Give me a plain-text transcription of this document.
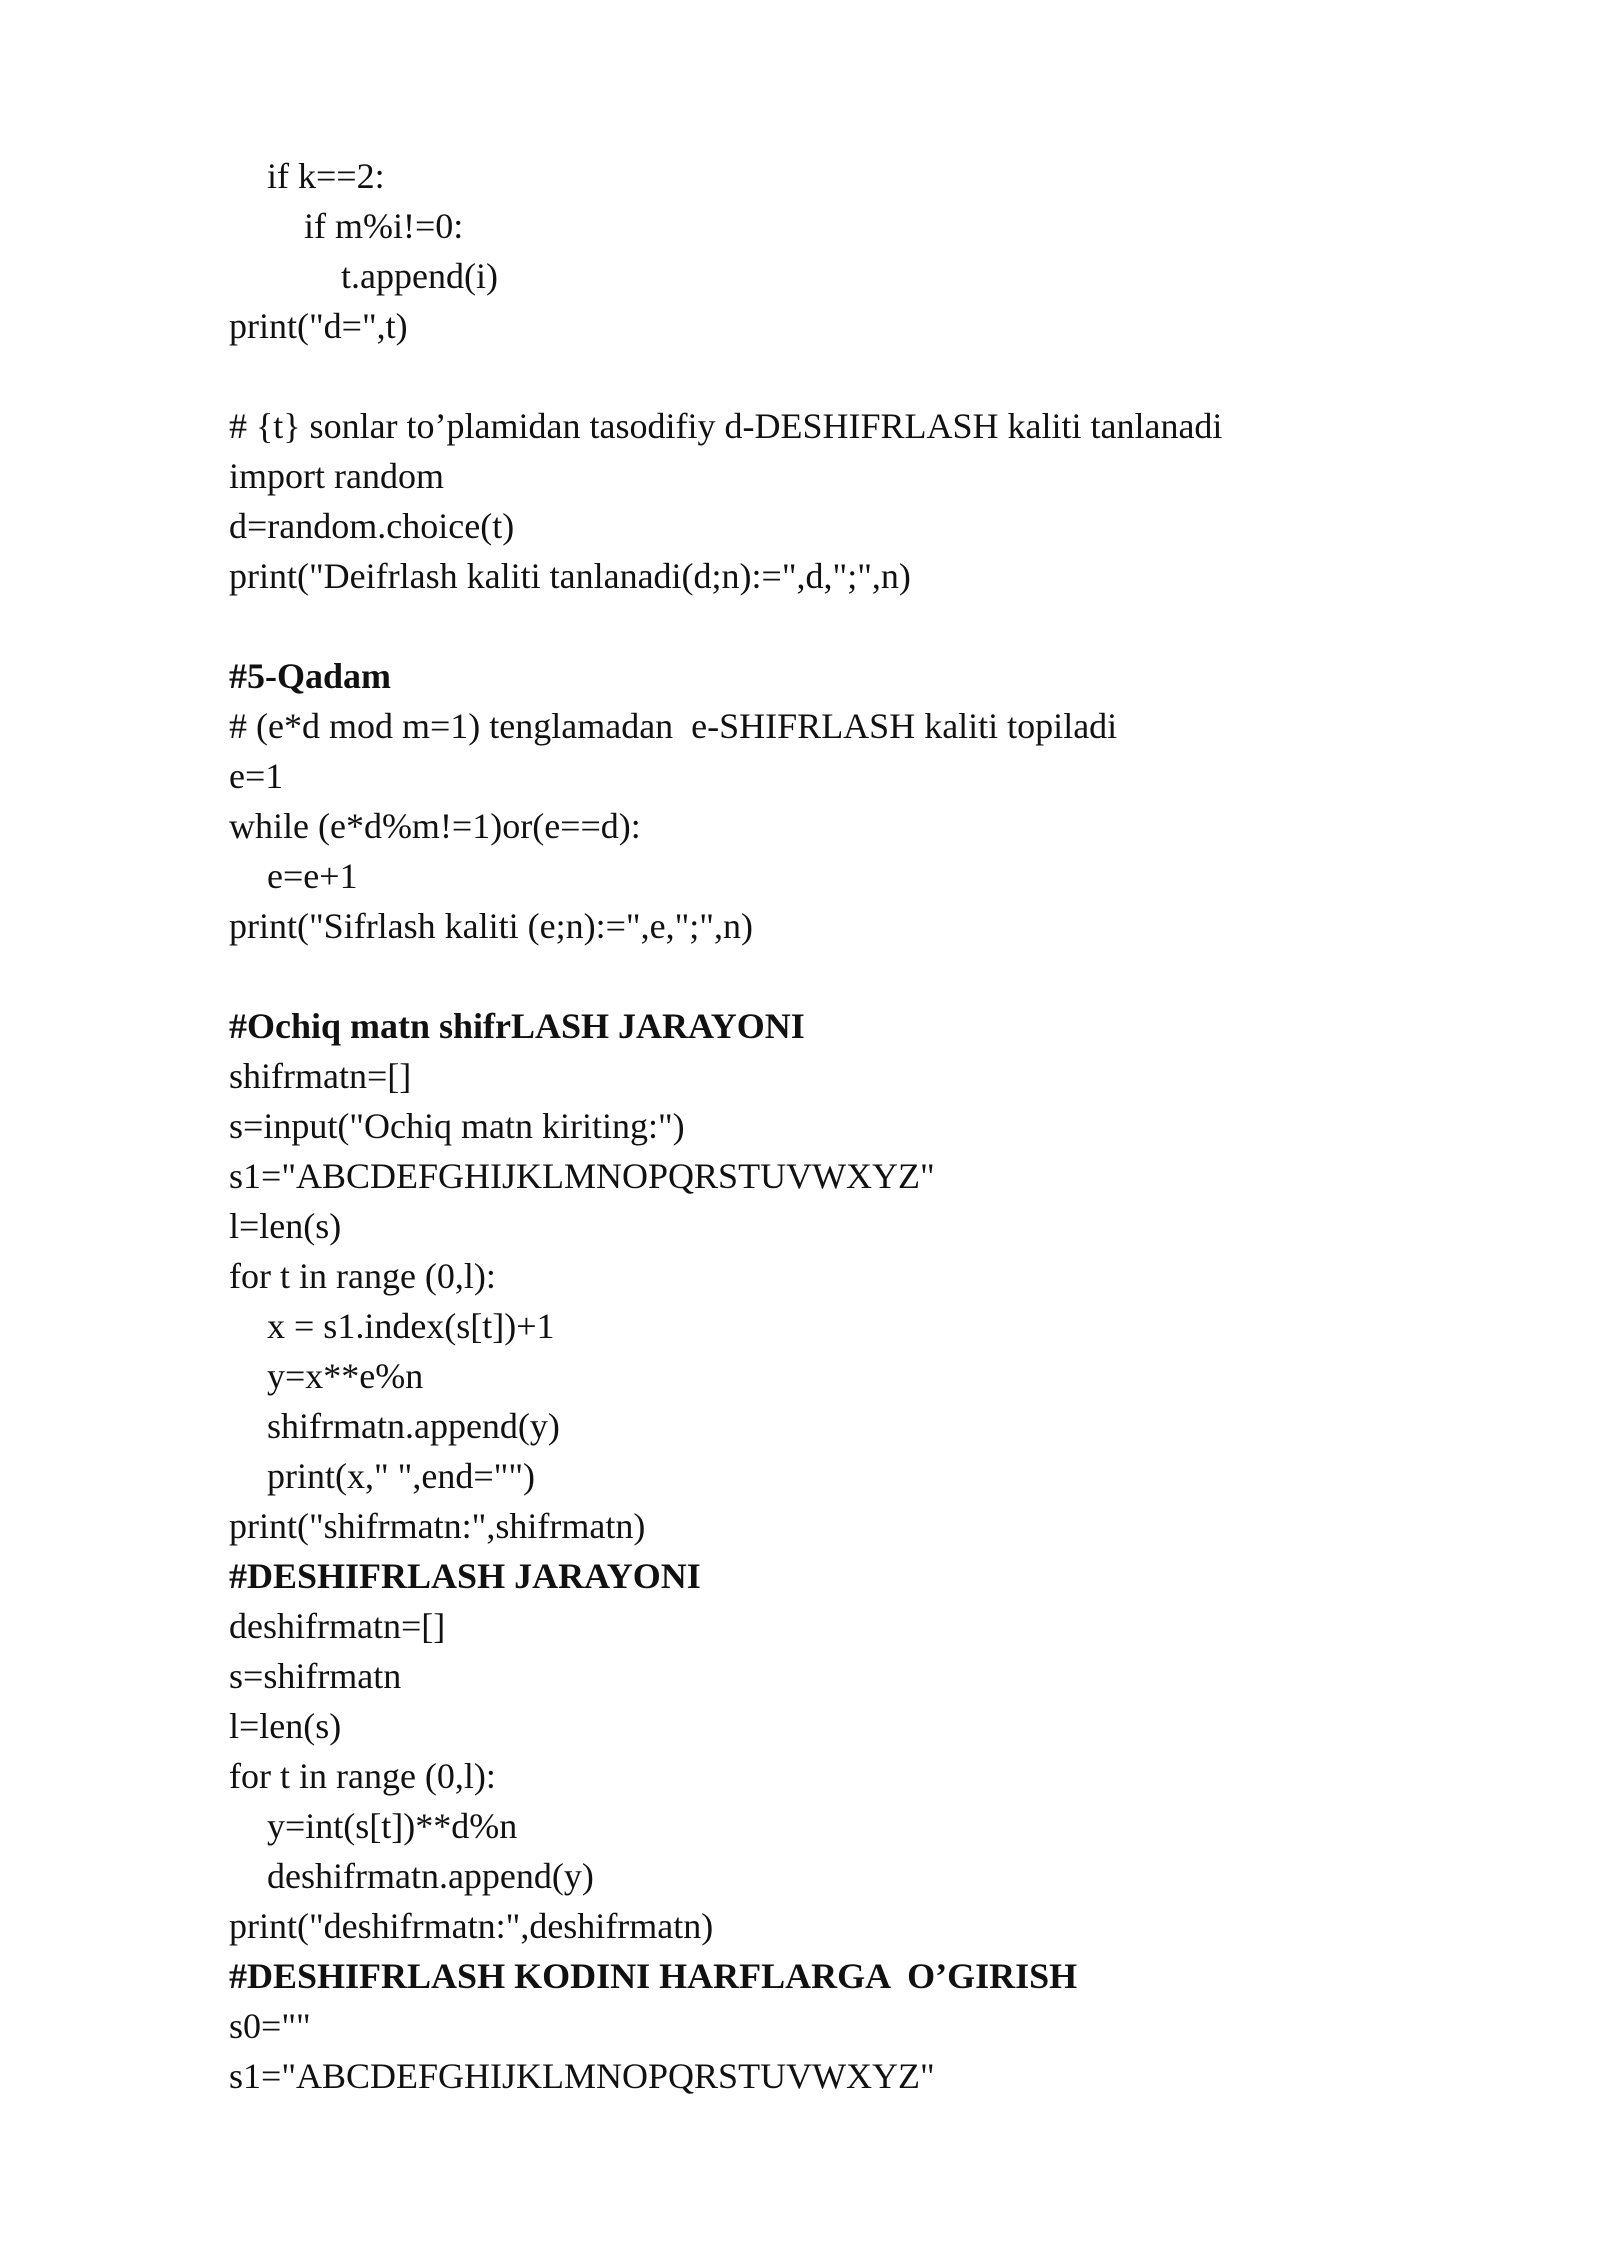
if k==2:
if m%i!=0:
t.append(i)
print("d=",t)
# {t} sonlar to’plamidan tasodifiy d-DESHIFRLASH kaliti tanlanadi
import random
d=random.choice(t)
print("Deifrlash kaliti tanlanadi(d;n):=",d,";",n)
#5-Qadam
# (e*d mod m=1) tenglamadan  e-SHIFRLASH kaliti topiladi
e=1
while (e*d%m!=1)or(e==d):
e=e+1
print("Sifrlash kaliti (e;n):=",e,";",n)
#Ochiq matn shifrLASH JARAYONI
shifrmatn=[]
s=input("Ochiq matn kiriting:")
s1="ABCDEFGHIJKLMNOPQRSTUVWXYZ"
l=len(s)
for t in range (0,l):
x = s1.index(s[t])+1
y=x**e%n
shifrmatn.append(y)
print(x," ",end="")
print("shifrmatn:",shifrmatn)
#DESHIFRLASH JARAYONI
deshifrmatn=[]
s=shifrmatn
l=len(s)
for t in range (0,l):
y=int(s[t])**d%n
deshifrmatn.append(y)
print("deshifrmatn:",deshifrmatn)
#DESHIFRLASH KODINI HARFLARGA  O’GIRISH
s0=""
s1="ABCDEFGHIJKLMNOPQRSTUVWXYZ"
